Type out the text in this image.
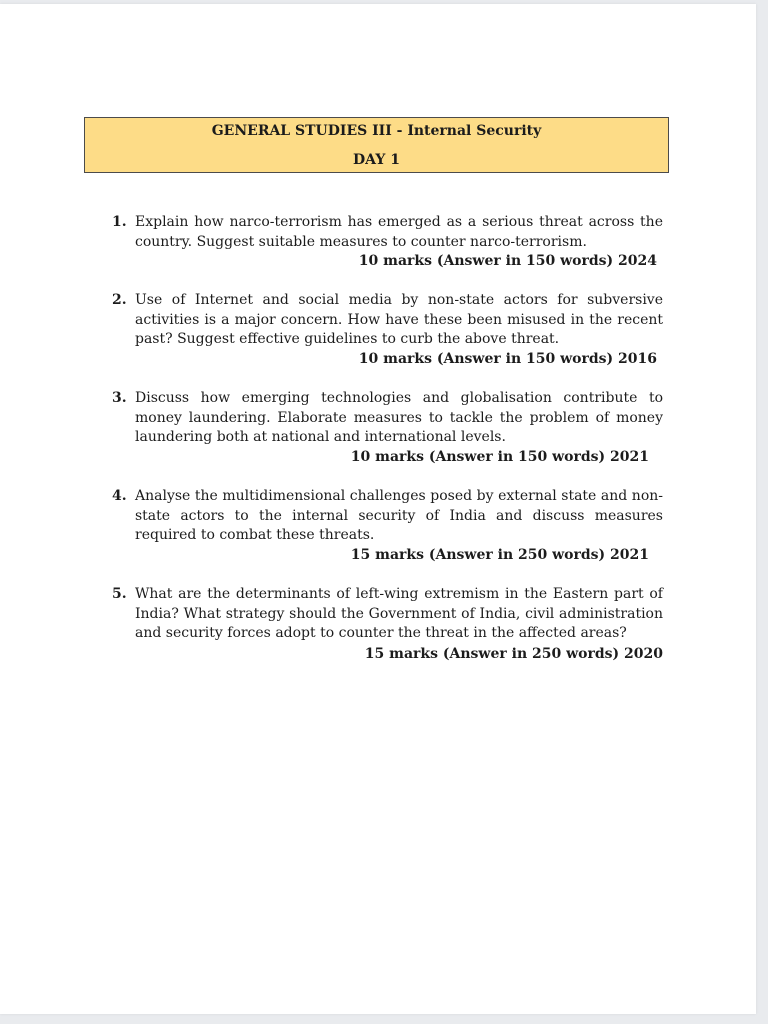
GENERAL STUDIES III - Internal Security
DAY 1
1. Explain how narco-terrorism has emerged as a serious threat across the country. Suggest suitable measures to counter narco-terrorism.
10 marks (Answer in 150 words) 2024
2. Use of Internet and social media by non-state actors for subversive activities is a major concern. How have these been misused in the recent past? Suggest effective guidelines to curb the above threat.
10 marks (Answer in 150 words) 2016
3. Discuss how emerging technologies and globalisation contribute to money laundering. Elaborate measures to tackle the problem of money laundering both at national and international levels.
10 marks (Answer in 150 words) 2021
4. Analyse the multidimensional challenges posed by external state and non-state actors to the internal security of India and discuss measures required to combat these threats.
15 marks (Answer in 250 words) 2021
5. What are the determinants of left-wing extremism in the Eastern part of India? What strategy should the Government of India, civil administration and security forces adopt to counter the threat in the affected areas?
15 marks (Answer in 250 words) 2020
